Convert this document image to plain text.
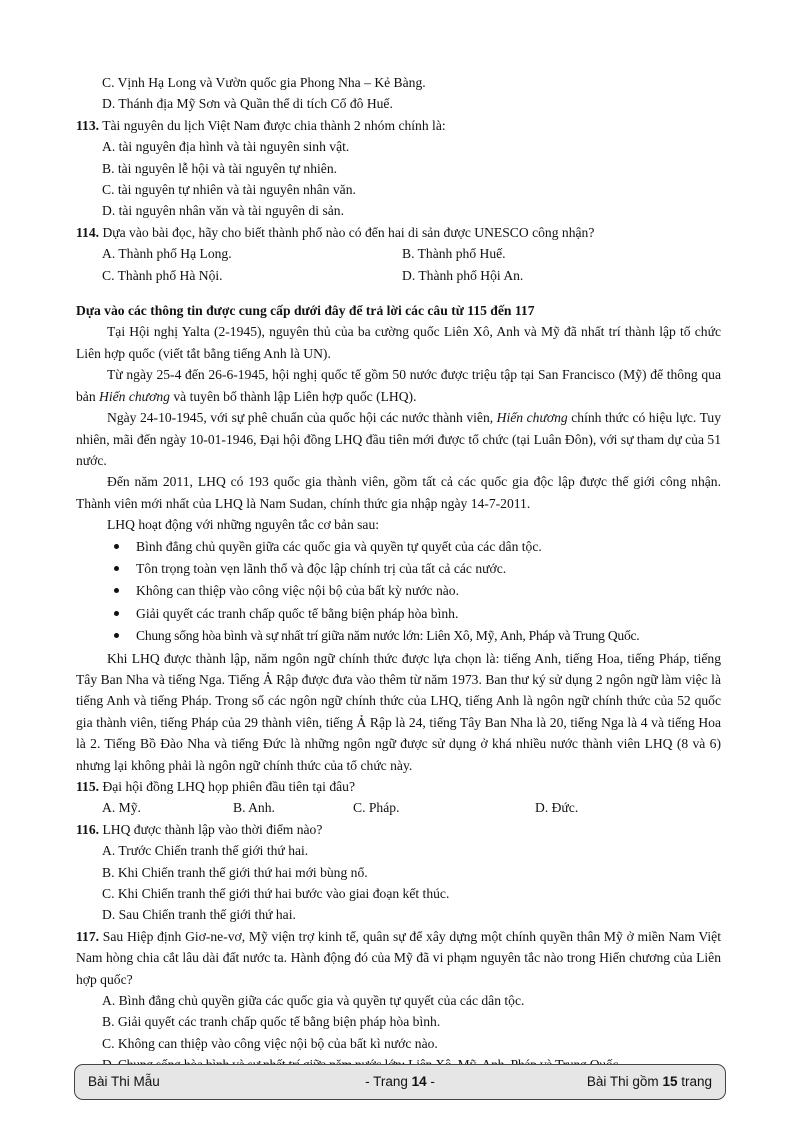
C. Vịnh Hạ Long và Vườn quốc gia Phong Nha – Kẻ Bàng.
D. Thánh địa Mỹ Sơn và Quần thể di tích Cố đô Huế.
113. Tài nguyên du lịch Việt Nam được chia thành 2 nhóm chính là:
A. tài nguyên địa hình và tài nguyên sinh vật.
B. tài nguyên lễ hội và tài nguyên tự nhiên.
C. tài nguyên tự nhiên và tài nguyên nhân văn.
D. tài nguyên nhân văn và tài nguyên di sản.
114. Dựa vào bài đọc, hãy cho biết thành phố nào có đến hai di sản được UNESCO công nhận?
A. Thành phố Hạ Long.	B. Thành phố Huế.
C. Thành phố Hà Nội.	D. Thành phố Hội An.
Dựa vào các thông tin được cung cấp dưới đây để trả lời các câu từ 115 đến 117
Tại Hội nghị Yalta (2-1945), nguyên thủ của ba cường quốc Liên Xô, Anh và Mỹ đã nhất trí thành lập tổ chức Liên hợp quốc (viết tắt bằng tiếng Anh là UN).
Từ ngày 25-4 đến 26-6-1945, hội nghị quốc tế gồm 50 nước được triệu tập tại San Francisco (Mỹ) để thông qua bản Hiến chương và tuyên bố thành lập Liên hợp quốc (LHQ).
Ngày 24-10-1945, với sự phê chuẩn của quốc hội các nước thành viên, Hiến chương chính thức có hiệu lực. Tuy nhiên, mãi đến ngày 10-01-1946, Đại hội đồng LHQ đầu tiên mới được tổ chức (tại Luân Đôn), với sự tham dự của 51 nước.
Đến năm 2011, LHQ có 193 quốc gia thành viên, gồm tất cả các quốc gia độc lập được thế giới công nhận. Thành viên mới nhất của LHQ là Nam Sudan, chính thức gia nhập ngày 14-7-2011.
LHQ hoạt động với những nguyên tắc cơ bản sau:
Bình đẳng chủ quyền giữa các quốc gia và quyền tự quyết của các dân tộc.
Tôn trọng toàn vẹn lãnh thổ và độc lập chính trị của tất cả các nước.
Không can thiệp vào công việc nội bộ của bất kỳ nước nào.
Giải quyết các tranh chấp quốc tế bằng biện pháp hòa bình.
Chung sống hòa bình và sự nhất trí giữa năm nước lớn: Liên Xô, Mỹ, Anh, Pháp và Trung Quốc.
Khi LHQ được thành lập, năm ngôn ngữ chính thức được lựa chọn là: tiếng Anh, tiếng Hoa, tiếng Pháp, tiếng Tây Ban Nha và tiếng Nga. Tiếng Ả Rập được đưa vào thêm từ năm 1973. Ban thư ký sử dụng 2 ngôn ngữ làm việc là tiếng Anh và tiếng Pháp. Trong số các ngôn ngữ chính thức của LHQ, tiếng Anh là ngôn ngữ chính thức của 52 quốc gia thành viên, tiếng Pháp của 29 thành viên, tiếng Ả Rập là 24, tiếng Tây Ban Nha là 20, tiếng Nga là 4 và tiếng Hoa là 2. Tiếng Bồ Đào Nha và tiếng Đức là những ngôn ngữ được sử dụng ở khá nhiều nước thành viên LHQ (8 và 6) nhưng lại không phải là ngôn ngữ chính thức của tổ chức này.
115. Đại hội đồng LHQ họp phiên đầu tiên tại đâu?
A. Mỹ.	B. Anh.	C. Pháp.	D. Đức.
116. LHQ được thành lập vào thời điểm nào?
A. Trước Chiến tranh thế giới thứ hai.
B. Khi Chiến tranh thế giới thứ hai mới bùng nổ.
C. Khi Chiến tranh thế giới thứ hai bước vào giai đoạn kết thúc.
D. Sau Chiến tranh thế giới thứ hai.
117. Sau Hiệp định Giơ-ne-vơ, Mỹ viện trợ kinh tế, quân sự để xây dựng một chính quyền thân Mỹ ở miền Nam Việt Nam hòng chia cắt lâu dài đất nước ta. Hành động đó của Mỹ đã vi phạm nguyên tắc nào trong Hiến chương của Liên hợp quốc?
A. Bình đẳng chủ quyền giữa các quốc gia và quyền tự quyết của các dân tộc.
B. Giải quyết các tranh chấp quốc tế bằng biện pháp hòa bình.
C. Không can thiệp vào công việc nội bộ của bất kì nước nào.
Bài Thi Mẫu	- Trang 14 -	Bài Thi gồm 15 trang
